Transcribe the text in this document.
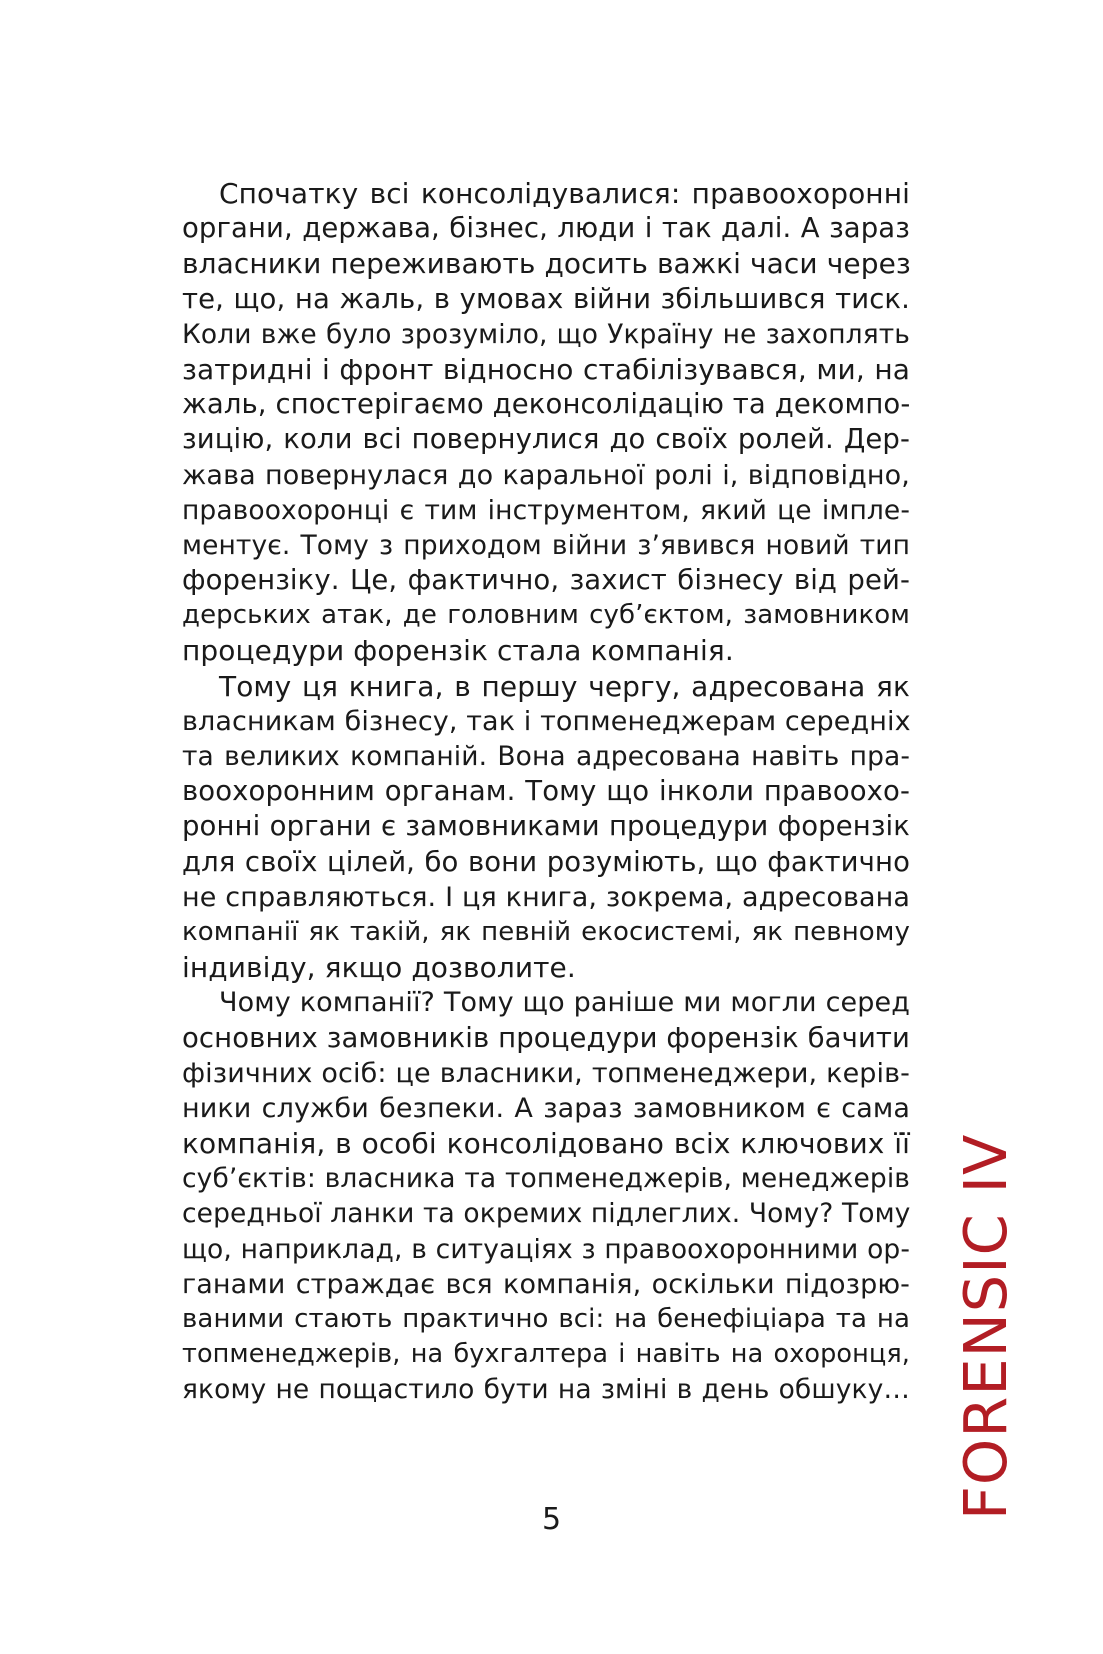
Спочатку всі консолідувалися: правоохоронні
органи, держава, бізнес, люди і так далі. А зараз
власники переживають досить важкі часи через
те, що, на жаль, в умовах війни збільшився тиск.
Коли вже було зрозуміло, що Україну не захоплять
затридні і фронт відносно стабілізувався, ми, на
жаль, спостерігаємо деконсолідацію та декомпо-
зицію, коли всі повернулися до своїх ролей. Дер-
жава повернулася до каральної ролі і, відповідно,
правоохоронці є тим інструментом, який це імпле-
ментує. Тому з приходом війни з’явився новий тип
форензіку. Це, фактично, захист бізнесу від рей-
дерських атак, де головним суб’єктом, замовником
процедури форензік стала компанія.
Тому ця книга, в першу чергу, адресована як
власникам бізнесу, так і топменеджерам середніх
та великих компаній. Вона адресована навіть пра-
воохоронним органам. Тому що інколи правоохо-
ронні органи є замовниками процедури форензік
для своїх цілей, бо вони розуміють, що фактично
не справляються. І ця книга, зокрема, адресована
компанії як такій, як певній екосистемі, як певному
індивіду, якщо дозволите.
Чому компанії? Тому що раніше ми могли серед
основних замовників процедури форензік бачити
фізичних осіб: це власники, топменеджери, керів-
ники служби безпеки. А зараз замовником є сама
компанія, в особі консолідовано всіх ключових її
суб’єктів: власника та топменеджерів, менеджерів
середньої ланки та окремих підлеглих. Чому? Тому
що, наприклад, в ситуаціях з правоохоронними ор-
ганами страждає вся компанія, оскільки підозрю-
ваними стають практично всі: на бенефіціара та на
топменеджерів, на бухгалтера і навіть на охоронця,
якому не пощастило бути на зміні в день обшуку… FORENSIC IV
5
